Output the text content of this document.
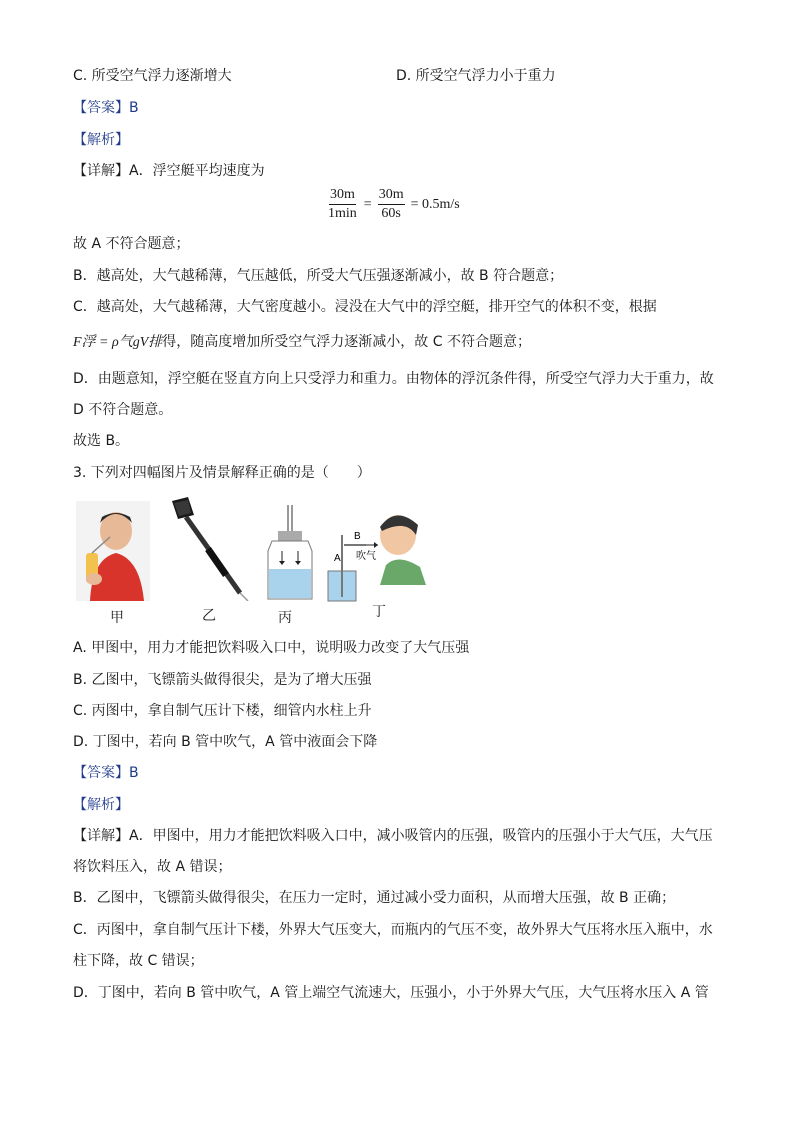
C. 所受空气浮力逐渐增大	D. 所受空气浮力小于重力
【答案】B
【解析】
【详解】A．浮空艇平均速度为
30m
1min
= $\frac{30m}{60s} = 0.5m/s$
故 A 不符合题意；
B．越高处，大气越稀薄，气压越低，所受大气压强逐渐减小，故 B 符合题意；
C．越高处，大气越稀薄，大气密度越小。浸没在大气中的浮空艇，排开空气的体积不变，根据
F浮 = ρ气gV排得，随高度增加所受空气浮力逐渐减小，故 C 不符合题意；
D．由题意知，浮空艇在竖直方向上只受浮力和重力。由物体的浮沉条件得，所受空气浮力大于重力，故
D 不符合题意。
故选 B。
3. 下列对四幅图片及情景解释正确的是（　　）
B
A 吹气
甲	乙	丙	丁
A. 甲图中，用力才能把饮料吸入口中，说明吸力改变了大气压强
B. 乙图中，飞镖箭头做得很尖，是为了增大压强
C. 丙图中，拿自制气压计下楼，细管内水柱上升
D. 丁图中，若向 B 管中吹气，A 管中液面会下降
【答案】B
【解析】
【详解】A．甲图中，用力才能把饮料吸入口中，减小吸管内的压强，吸管内的压强小于大气压，大气压
将饮料压入，故 A 错误；
B．乙图中，飞镖箭头做得很尖，在压力一定时，通过减小受力面积，从而增大压强，故 B 正确；
C．丙图中，拿自制气压计下楼，外界大气压变大，而瓶内的气压不变，故外界大气压将水压入瓶中，水
柱下降，故 C 错误；
D．丁图中，若向 B 管中吹气，A 管上端空气流速大，压强小，小于外界大气压，大气压将水压入 A 管
